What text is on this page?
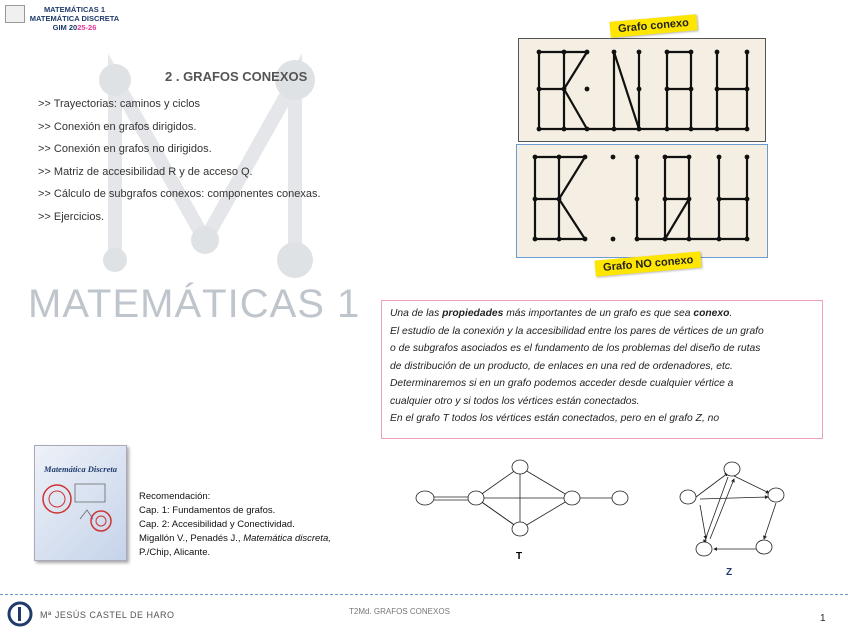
MATEMÁTICAS 1
MATEMÁTICA DISCRETA
GIM 2025-26
MATEMÁTICAS 1
2 . GRAFOS CONEXOS
>> Trayectorias: caminos y ciclos
>> Conexión en grafos dirigidos.
>> Conexión en grafos no dirigidos.
>> Matriz de accesibilidad R y de acceso Q.
>> Cálculo de subgrafos conexos: componentes conexas.
>> Ejercicios.
Grafo conexo
Grafo NO conexo
Una de las propiedades más importantes de un grafo es que sea conexo.
El estudio de la conexión y la accesibilidad entre los pares de vértices de un grafo
o de subgrafos asociados es el fundamento de los problemas del diseño de rutas
de distribución de un producto, de enlaces en una red de ordenadores, etc.
Determinaremos si en un grafo podemos acceder desde cualquier vértice a
cualquier otro y si todos los vértices están conectados.
En el grafo T todos los vértices están conectados, pero en el grafo Z, no
Matemática Discreta
Recomendación:
Cap. 1: Fundamentos de grafos.
Cap. 2: Accesibilidad y Conectividad.
Migallón V., Penadés J., Matemática discreta,
P./Chip, Alicante.	T
Z
Mª JESÚS CASTEL DE HARO	T2Md. GRAFOS CONEXOS
1
